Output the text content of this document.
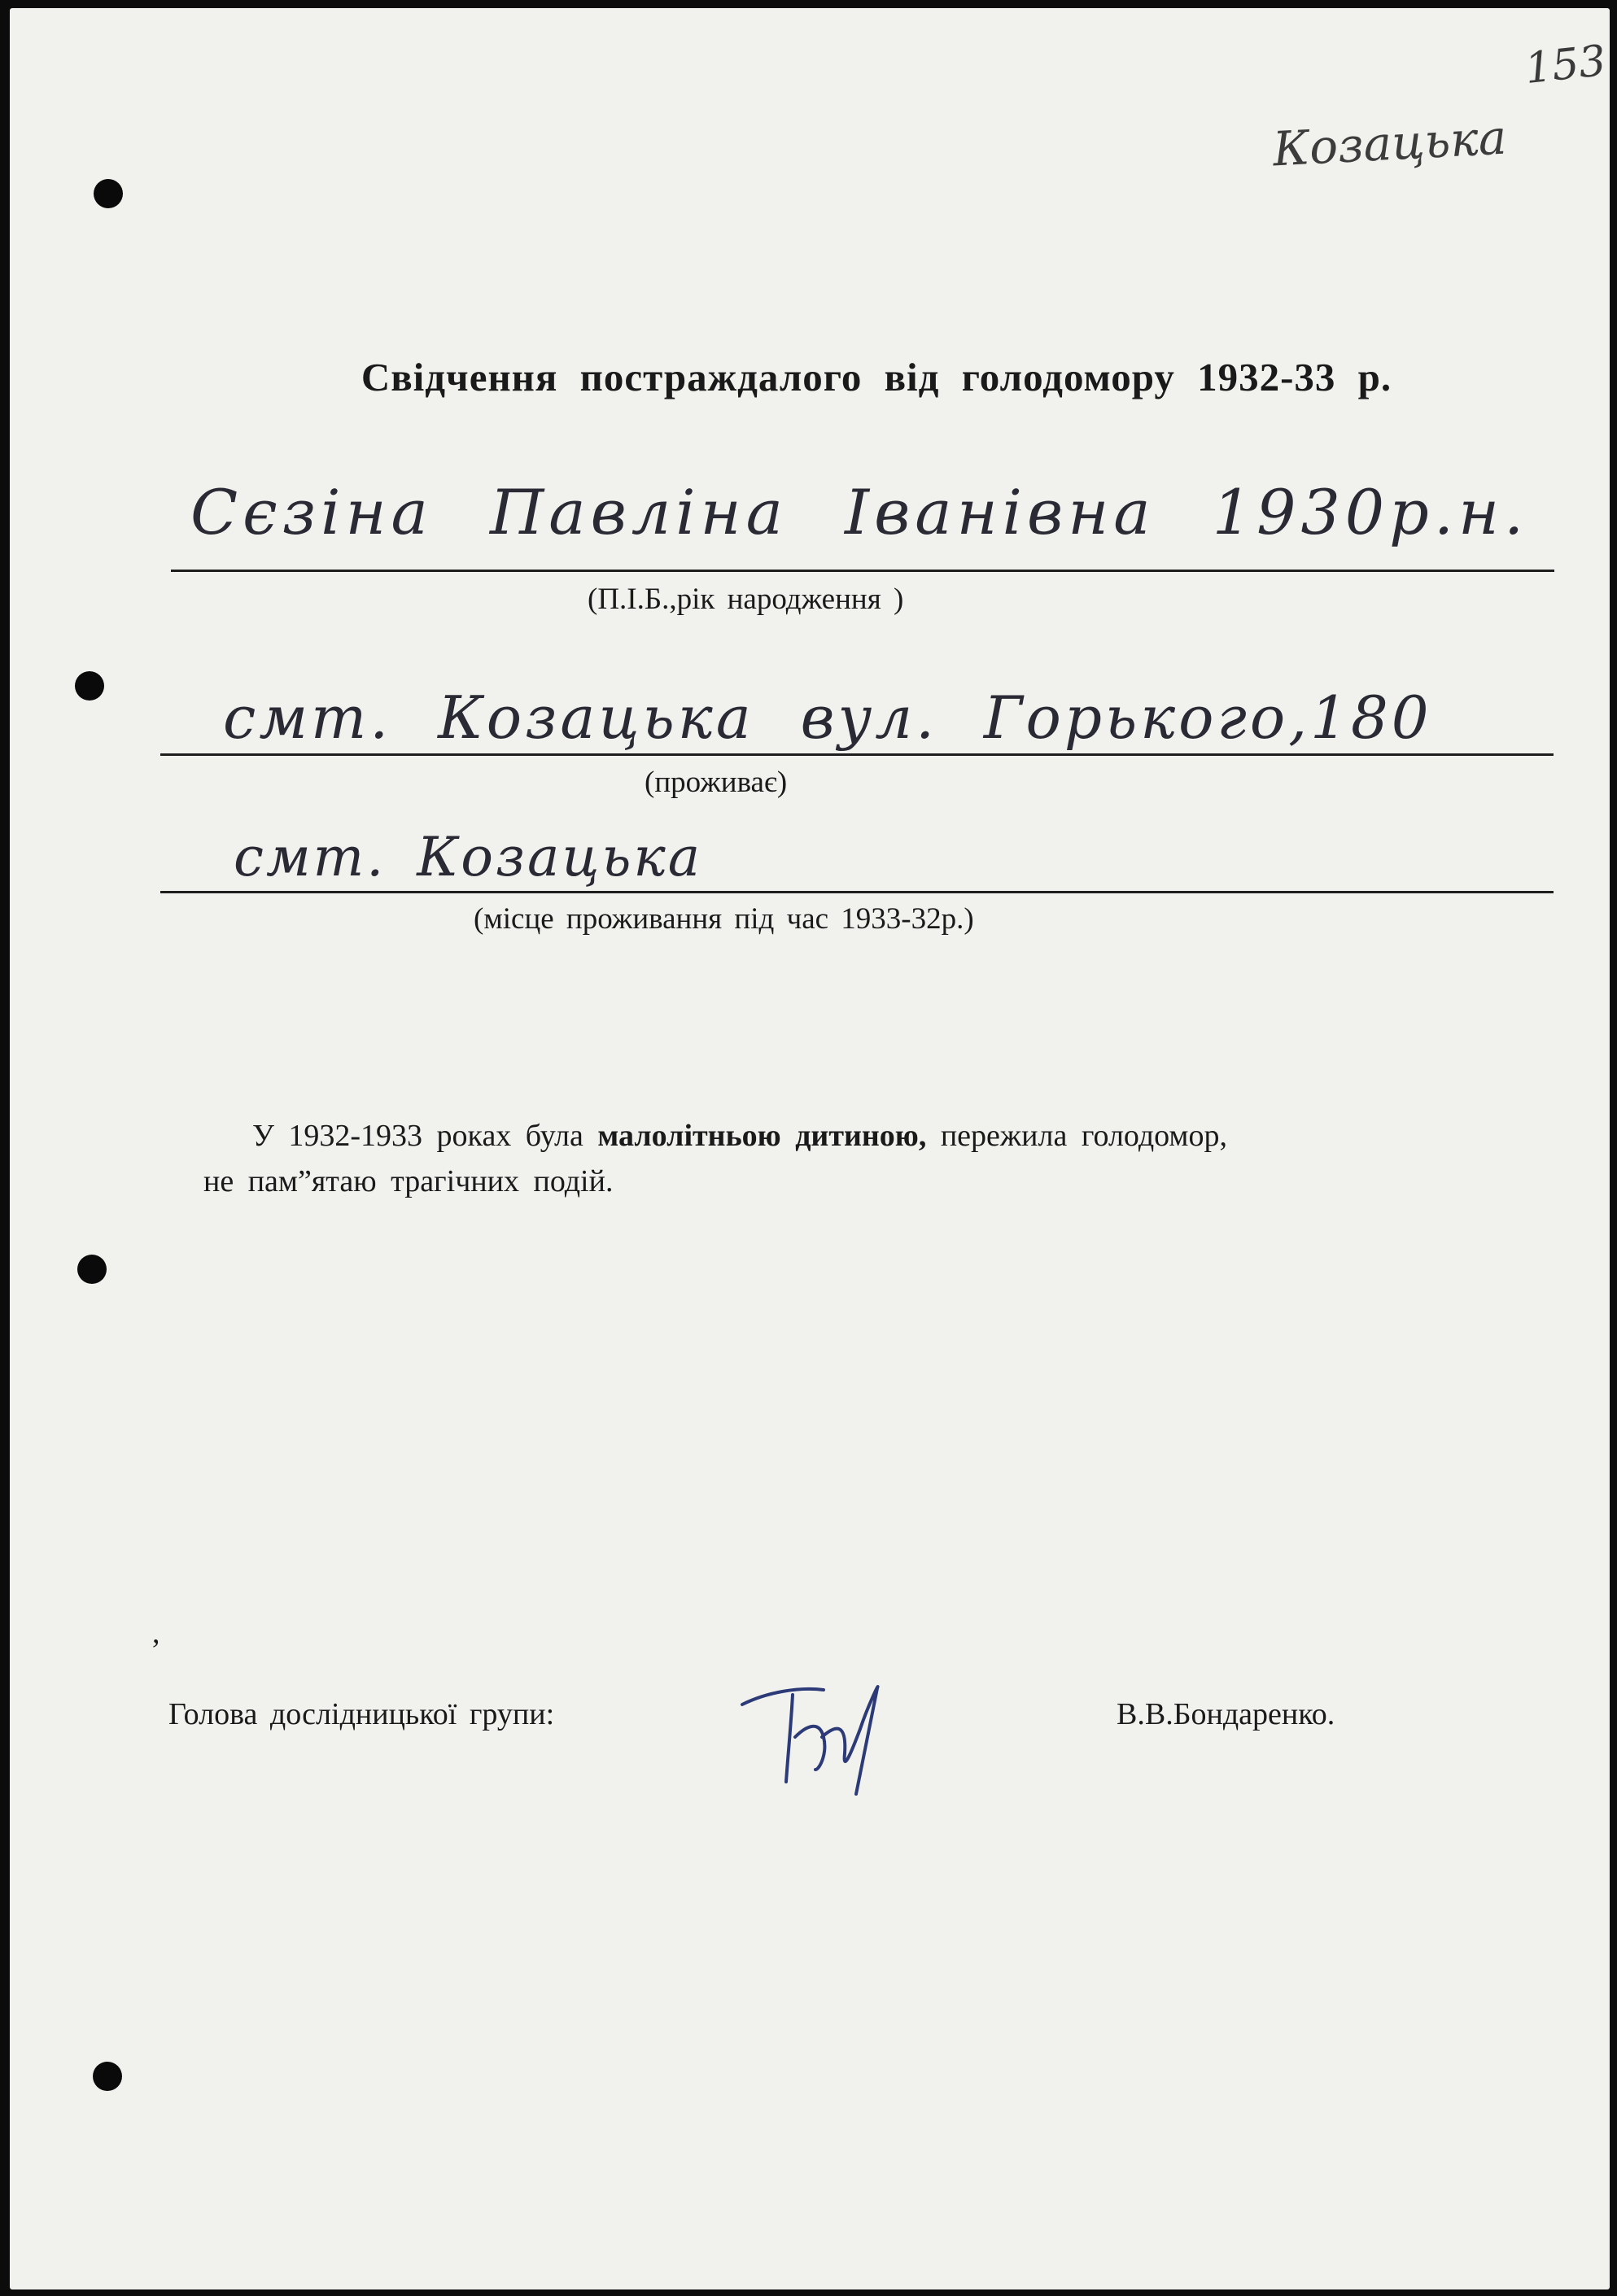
153
Козацька
Свідчення постраждалого від голодомору 1932-33 р.
Сєзіна Павліна Іванівна 1930р.н.
(П.І.Б.,рік народження )
смт. Козацька вул. Горького,180
(проживає)
смт. Козацька
(місце проживання під час 1933-32р.)
У 1932-1933 роках була малолітньою дитиною, пережила голодомор,
не пам”ятаю трагічних подій.
,
Голова дослідницької групи:	В.В.Бондаренко.
